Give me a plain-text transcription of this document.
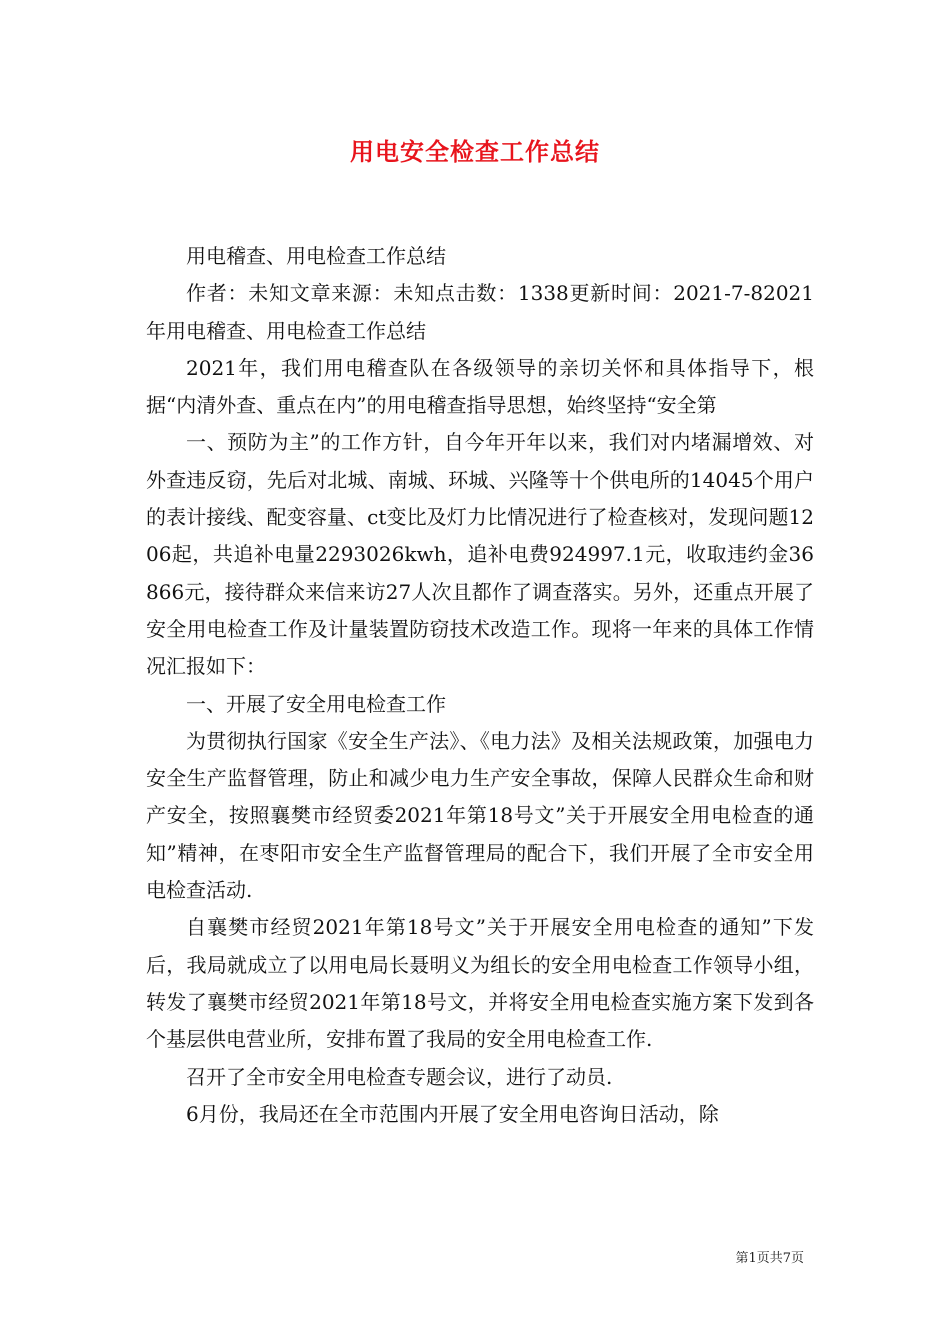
用电安全检查工作总结

用电稽查、用电检查工作总结

作者：未知文章来源：未知点击数：1338更新时间：2021-7-82021年用电稽查、用电检查工作总结

2021年，我们用电稽查队在各级领导的亲切关怀和具体指导下，根据“内清外查、重点在内”的用电稽查指导思想，始终坚持“安全第

一、预防为主”的工作方针，自今年开年以来，我们对内堵漏增效、对外查违反窃，先后对北城、南城、环城、兴隆等十个供电所的14045个用户的表计接线、配变容量、ct变比及灯力比情况进行了检查核对，发现问题1206起，共追补电量2293026kwh，追补电费924997.1元，收取违约金36866元，接待群众来信来访27人次且都作了调查落实。另外，还重点开展了安全用电检查工作及计量装置防窃技术改造工作。现将一年来的具体工作情况汇报如下：

一、开展了安全用电检查工作

为贯彻执行国家《安全生产法》、《电力法》及相关法规政策，加强电力安全生产监督管理，防止和减少电力生产安全事故，保障人民群众生命和财产安全，按照襄樊市经贸委2021年第18号文”关于开展安全用电检查的通知”精神，在枣阳市安全生产监督管理局的配合下，我们开展了全市安全用电检查活动.

自襄樊市经贸2021年第18号文”关于开展安全用电检查的通知”下发后，我局就成立了以用电局长聂明义为组长的安全用电检查工作领导小组，转发了襄樊市经贸2021年第18号文，并将安全用电检查实施方案下发到各个基层供电营业所，安排布置了我局的安全用电检查工作.

召开了全市安全用电检查专题会议，进行了动员.

6月份，我局还在全市范围内开展了安全用电咨询日活动，除

第1页共7页
